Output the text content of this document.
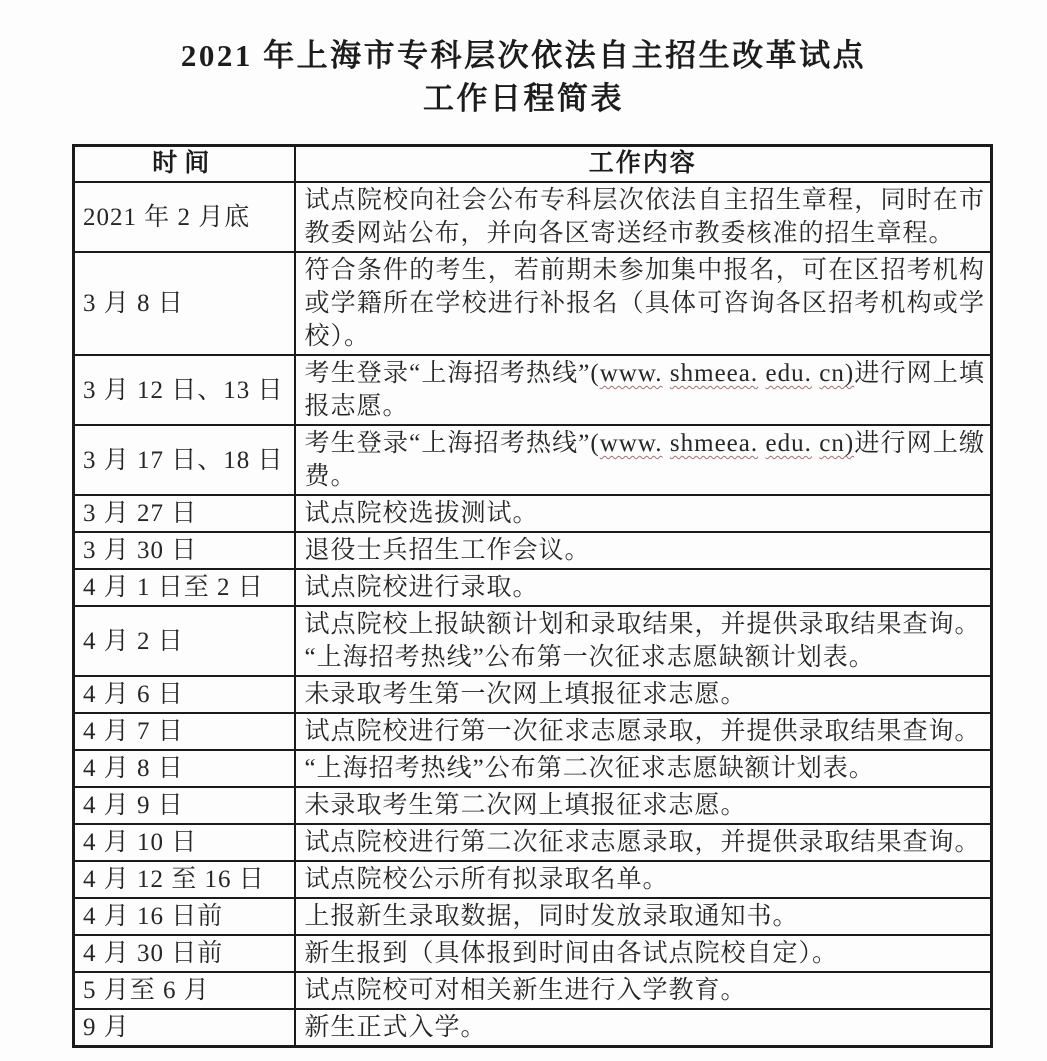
2021 年上海市专科层次依法自主招生改革试点
工作日程简表
时间	工作内容
2021 年 2 月底	试点院校向社会公布专科层次依法自主招生章程，同时在市教委网站公布，并向各区寄送经市教委核准的招生章程。
3 月 8 日	符合条件的考生，若前期未参加集中报名，可在区招考机构或学籍所在学校进行补报名（具体可咨询各区招考机构或学校）。
3 月 12 日、13 日	考生登录“上海招考热线”(www. shmeea. edu. cn)进行网上填报志愿。
3 月 17 日、18 日	考生登录“上海招考热线”(www. shmeea. edu. cn)进行网上缴费。
3 月 27 日	试点院校选拔测试。
3 月 30 日	退役士兵招生工作会议。
4 月 1 日至 2 日	试点院校进行录取。
4 月 2 日	试点院校上报缺额计划和录取结果，并提供录取结果查询。
“上海招考热线”公布第一次征求志愿缺额计划表。
4 月 6 日	未录取考生第一次网上填报征求志愿。
4 月 7 日	试点院校进行第一次征求志愿录取，并提供录取结果查询。
4 月 8 日	“上海招考热线”公布第二次征求志愿缺额计划表。
4 月 9 日	未录取考生第二次网上填报征求志愿。
4 月 10 日	试点院校进行第二次征求志愿录取，并提供录取结果查询。
4 月 12 至 16 日	试点院校公示所有拟录取名单。
4 月 16 日前	上报新生录取数据，同时发放录取通知书。
4 月 30 日前	新生报到（具体报到时间由各试点院校自定）。
5 月至 6 月	试点院校可对相关新生进行入学教育。
9 月	新生正式入学。
